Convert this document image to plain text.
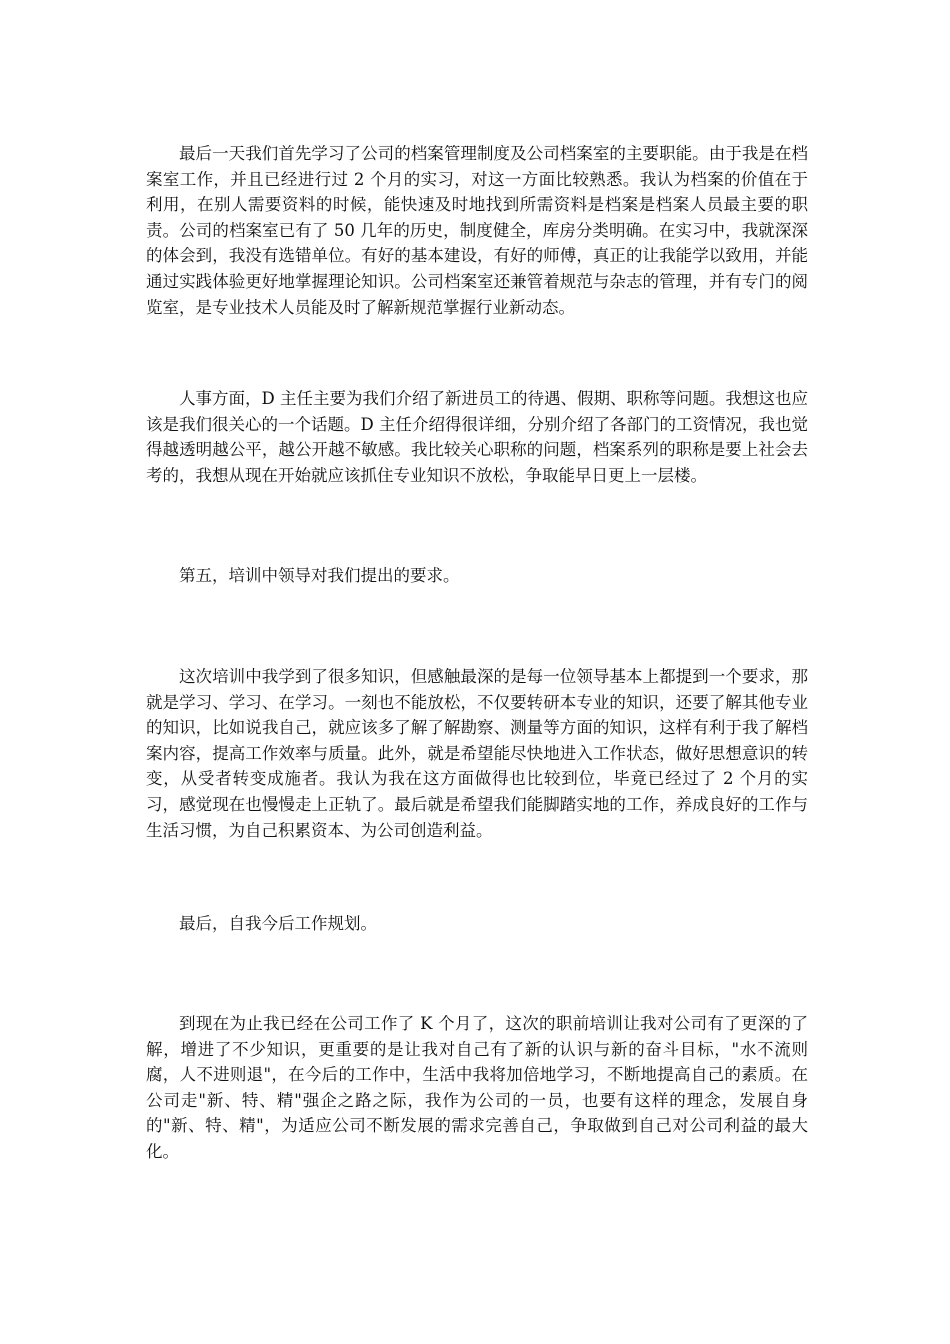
最后一天我们首先学习了公司的档案管理制度及公司档案室的主要职能。由于我是在档案室工作，并且已经进行过 2 个月的实习，对这一方面比较熟悉。我认为档案的价值在于利用，在别人需要资料的时候，能快速及时地找到所需资料是档案是档案人员最主要的职责。公司的档案室已有了 50 几年的历史，制度健全，库房分类明确。在实习中，我就深深的体会到，我没有选错单位。有好的基本建设，有好的师傅，真正的让我能学以致用，并能通过实践体验更好地掌握理论知识。公司档案室还兼管着规范与杂志的管理，并有专门的阅览室，是专业技术人员能及时了解新规范掌握行业新动态。

人事方面，D 主任主要为我们介绍了新进员工的待遇、假期、职称等问题。我想这也应该是我们很关心的一个话题。D 主任介绍得很详细，分别介绍了各部门的工资情况，我也觉得越透明越公平，越公开越不敏感。我比较关心职称的问题，档案系列的职称是要上社会去考的，我想从现在开始就应该抓住专业知识不放松，争取能早日更上一层楼。

第五，培训中领导对我们提出的要求。

这次培训中我学到了很多知识，但感触最深的是每一位领导基本上都提到一个要求，那就是学习、学习、在学习。一刻也不能放松，不仅要转研本专业的知识，还要了解其他专业的知识，比如说我自己，就应该多了解了解勘察、测量等方面的知识，这样有利于我了解档案内容，提高工作效率与质量。此外，就是希望能尽快地进入工作状态，做好思想意识的转变，从受者转变成施者。我认为我在这方面做得也比较到位，毕竟已经过了 2 个月的实习，感觉现在也慢慢走上正轨了。最后就是希望我们能脚踏实地的工作，养成良好的工作与生活习惯，为自己积累资本、为公司创造利益。

最后，自我今后工作规划。

到现在为止我已经在公司工作了 K 个月了，这次的职前培训让我对公司有了更深的了解，增进了不少知识，更重要的是让我对自己有了新的认识与新的奋斗目标，"水不流则腐，人不进则退"，在今后的工作中，生活中我将加倍地学习，不断地提高自己的素质。在公司走"新、特、精"强企之路之际，我作为公司的一员，也要有这样的理念，发展自身的"新、特、精"，为适应公司不断发展的需求完善自己，争取做到自己对公司利益的最大化。
